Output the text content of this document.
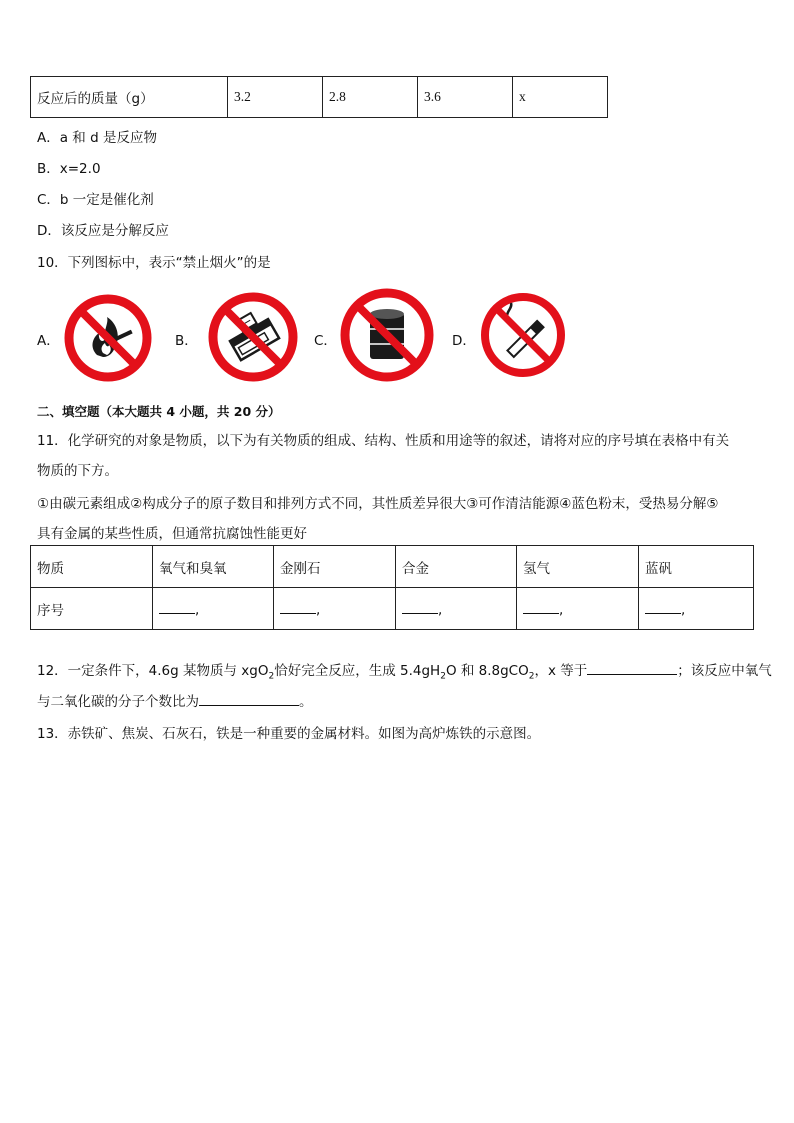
反应后的质量（g）	3.2	2.8	3.6	x
A．a 和 d 是反应物
B．x=2.0
C．b 一定是催化剂
D．该反应是分解反应
10．下列图标中，表示“禁止烟火”的是
A．	B．	C．	D．
二、填空题（本大题共 4 小题，共 20 分）
11．化学研究的对象是物质，以下为有关物质的组成、结构、性质和用途等的叙述，请将对应的序号填在表格中有关
物质的下方。
①由碳元素组成②构成分子的原子数目和排列方式不同，其性质差异很大③可作清洁能源④蓝色粉末，受热易分解⑤
具有金属的某些性质，但通常抗腐蚀性能更好
物质	氧气和臭氧	金刚石	合金	氢气	蓝矾
序号	,	,	,	,	,
12．一定条件下，4.6g 某物质与 xgO$_2$恰好完全反应，生成 $5.4gH_2O$ 和 8.8gCO$_2$，x 等于	；该反应中氧气
与二氧化碳的分子个数比为	。
13．赤铁矿、焦炭、石灰石，铁是一种重要的金属材料。如图为高炉炼铁的示意图。
